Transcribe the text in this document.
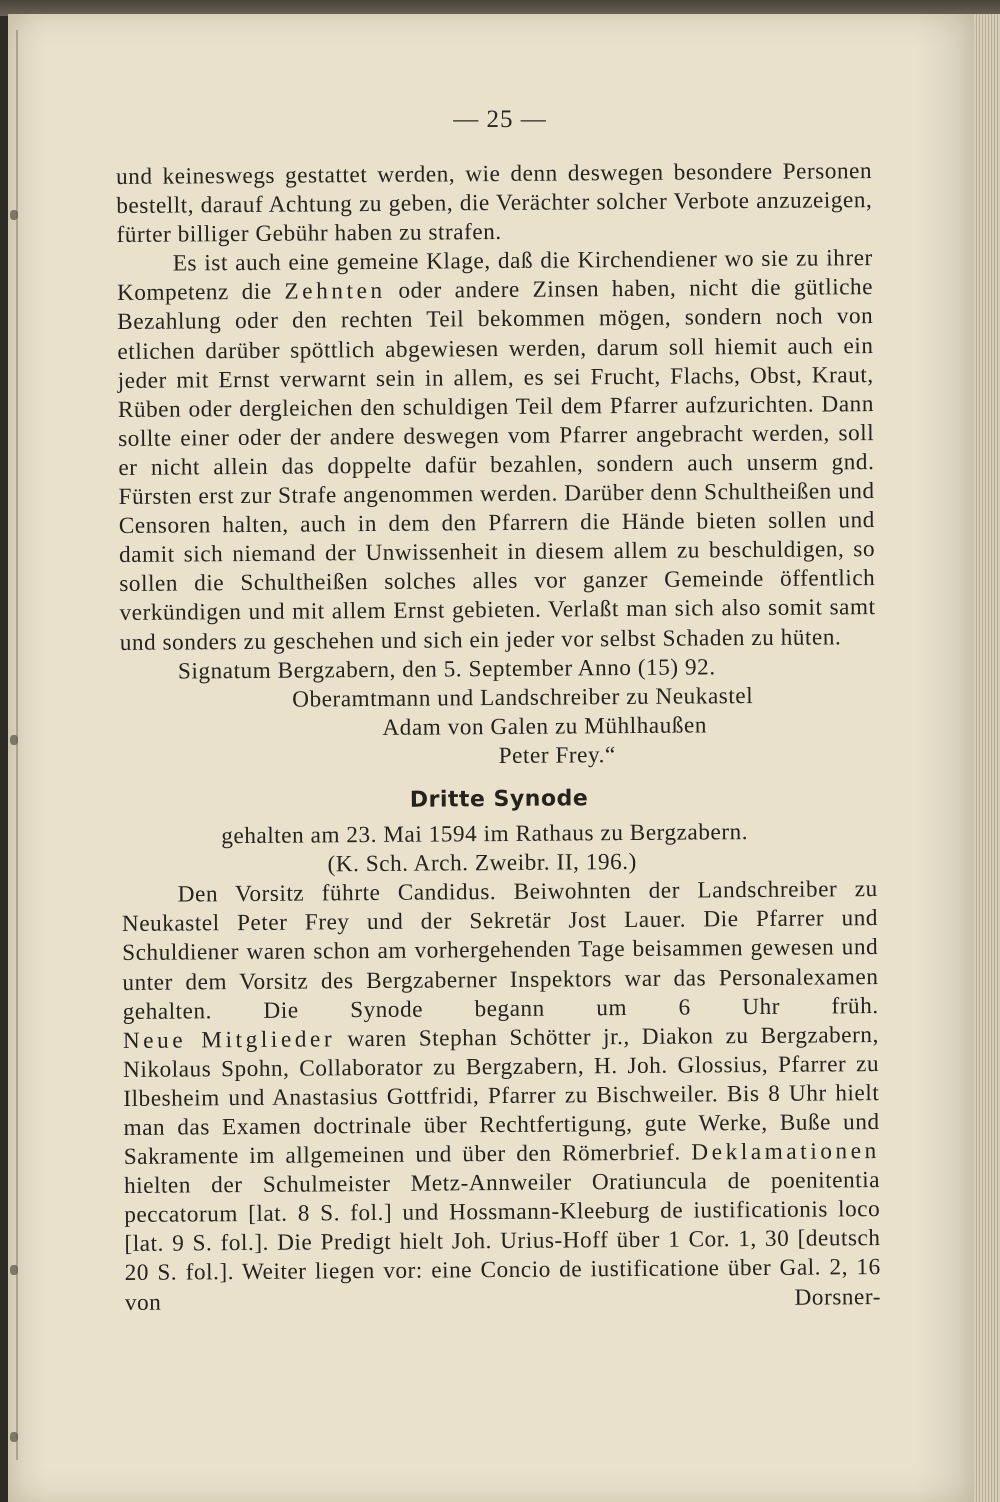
— 25 —

und keineswegs gestattet werden, wie denn deswegen besondere Personen bestellt, darauf Achtung zu geben, die Verächter solcher Verbote anzuzeigen, fürter billiger Gebühr haben zu strafen.

Es ist auch eine gemeine Klage, daß die Kirchendiener wo sie zu ihrer Kompetenz die Zehnten oder andere Zinsen haben, nicht die gütliche Bezahlung oder den rechten Teil bekommen mögen, sondern noch von etlichen darüber spöttlich abgewiesen werden, darum soll hiemit auch ein jeder mit Ernst verwarnt sein in allem, es sei Frucht, Flachs, Obst, Kraut, Rüben oder dergleichen den schuldigen Teil dem Pfarrer aufzurichten. Dann sollte einer oder der andere deswegen vom Pfarrer angebracht werden, soll er nicht allein das doppelte dafür bezahlen, sondern auch unserm gnd. Fürsten erst zur Strafe angenommen werden. Darüber denn Schultheißen und Censoren halten, auch in dem den Pfarrern die Hände bieten sollen und damit sich niemand der Unwissenheit in diesem allem zu beschuldigen, so sollen die Schultheißen solches alles vor ganzer Gemeinde öffentlich verkündigen und mit allem Ernst gebieten. Verlaßt man sich also somit samt und sonders zu geschehen und sich ein jeder vor selbst Schaden zu hüten.

Signatum Bergzabern, den 5. September Anno (15) 92.

Oberamtmann und Landschreiber zu Neukastel

Adam von Galen zu Mühlhaußen

Peter Frey.“

Dritte Synode

gehalten am 23. Mai 1594 im Rathaus zu Bergzabern.

(K. Sch. Arch. Zweibr. II, 196.)

Den Vorsitz führte Candidus. Beiwohnten der Landschreiber zu Neukastel Peter Frey und der Sekretär Jost Lauer. Die Pfarrer und Schuldiener waren schon am vorhergehenden Tage beisammen gewesen und unter dem Vorsitz des Bergzaberner Inspektors war das Personalexamen gehalten. Die Synode begann um 6 Uhr früh.

Neue Mitglieder waren Stephan Schötter jr., Diakon zu Bergzabern, Nikolaus Spohn, Collaborator zu Bergzabern, H. Joh. Glossius, Pfarrer zu Ilbesheim und Anastasius Gottfridi, Pfarrer zu Bischweiler. Bis 8 Uhr hielt man das Examen doctrinale über Rechtfertigung, gute Werke, Buße und Sakramente im allgemeinen und über den Römerbrief. Deklamationen hielten der Schulmeister Metz-Annweiler Oratiuncula de poenitentia peccatorum [lat. 8 S. fol.] und Hossmann-Kleeburg de iustificationis loco [lat. 9 S. fol.]. Die Predigt hielt Joh. Urius-Hoff über 1 Cor. 1, 30 [deutsch 20 S. fol.]. Weiter liegen vor: eine Concio de iustificatione über Gal. 2, 16 von Dorsner-
